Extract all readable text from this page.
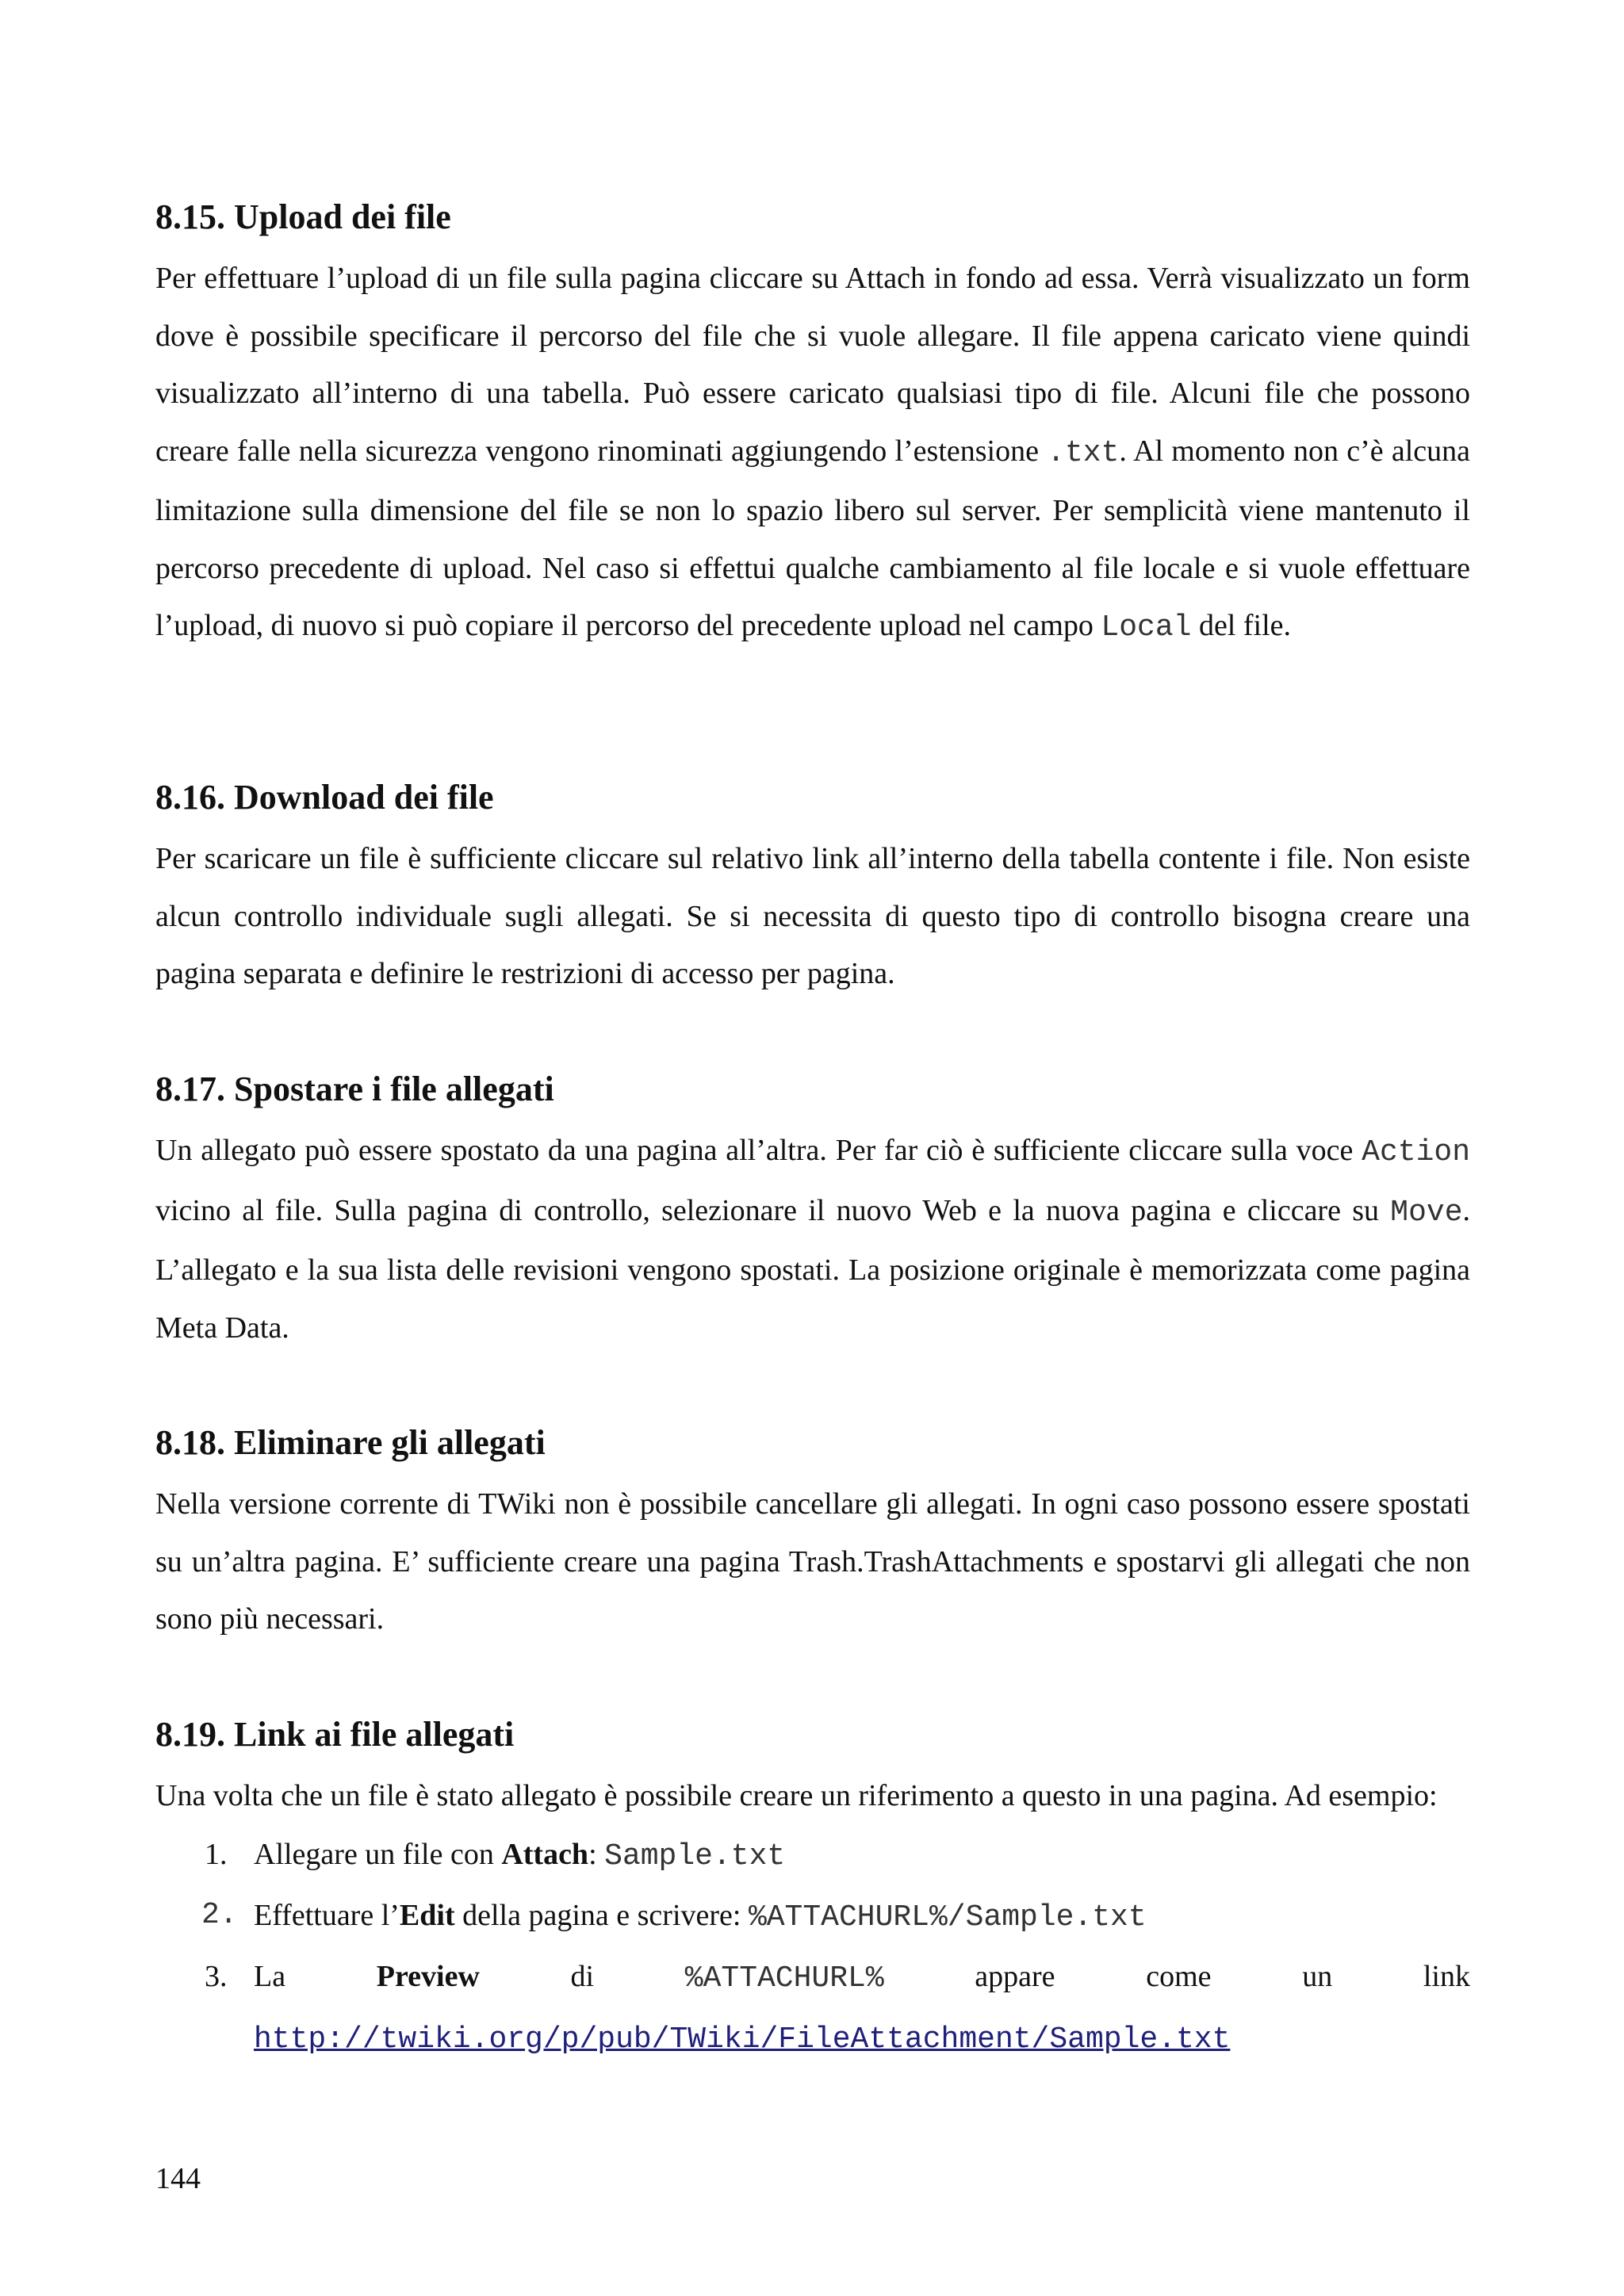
8.15. Upload dei file

Per effettuare l’upload di un file sulla pagina cliccare su Attach in fondo ad essa. Verrà visualizzato un form dove è possibile specificare il percorso del file che si vuole allegare. Il file appena caricato viene quindi visualizzato all’interno di una tabella. Può essere caricato qualsiasi tipo di file. Alcuni file che possono creare falle nella sicurezza vengono rinominati aggiungendo l’estensione .txt. Al momento non c’è alcuna limitazione sulla dimensione del file se non lo spazio libero sul server. Per semplicità viene mantenuto il percorso precedente di upload. Nel caso si effettui qualche cambiamento al file locale e si vuole effettuare l’upload, di nuovo si può copiare il percorso del precedente upload nel campo Local del file.

8.16. Download dei file

Per scaricare un file è sufficiente cliccare sul relativo link all’interno della tabella contente i file. Non esiste alcun controllo individuale sugli allegati. Se si necessita di questo tipo di controllo bisogna creare una pagina separata e definire le restrizioni di accesso per pagina.

8.17. Spostare i file allegati

Un allegato può essere spostato da una pagina all’altra. Per far ciò è sufficiente cliccare sulla voce Action vicino al file. Sulla pagina di controllo, selezionare il nuovo Web e la nuova pagina e cliccare su Move. L’allegato e la sua lista delle revisioni vengono spostati. La posizione originale è memorizzata come pagina Meta Data.

8.18. Eliminare gli allegati

Nella versione corrente di TWiki non è possibile cancellare gli allegati. In ogni caso possono essere spostati su un’altra pagina. E’ sufficiente creare una pagina Trash.TrashAttachments e spostarvi gli allegati che non sono più necessari.

8.19. Link ai file allegati

Una volta che un file è stato allegato è possibile creare un riferimento a questo in una pagina. Ad esempio:

1. Allegare un file con Attach: Sample.txt
2. Effettuare l’Edit della pagina e scrivere: %ATTACHURL%/Sample.txt
3. La	Preview	di	%ATTACHURL%	appare	come	un	link
http://twiki.org/p/pub/TWiki/FileAttachment/Sample.txt
144
